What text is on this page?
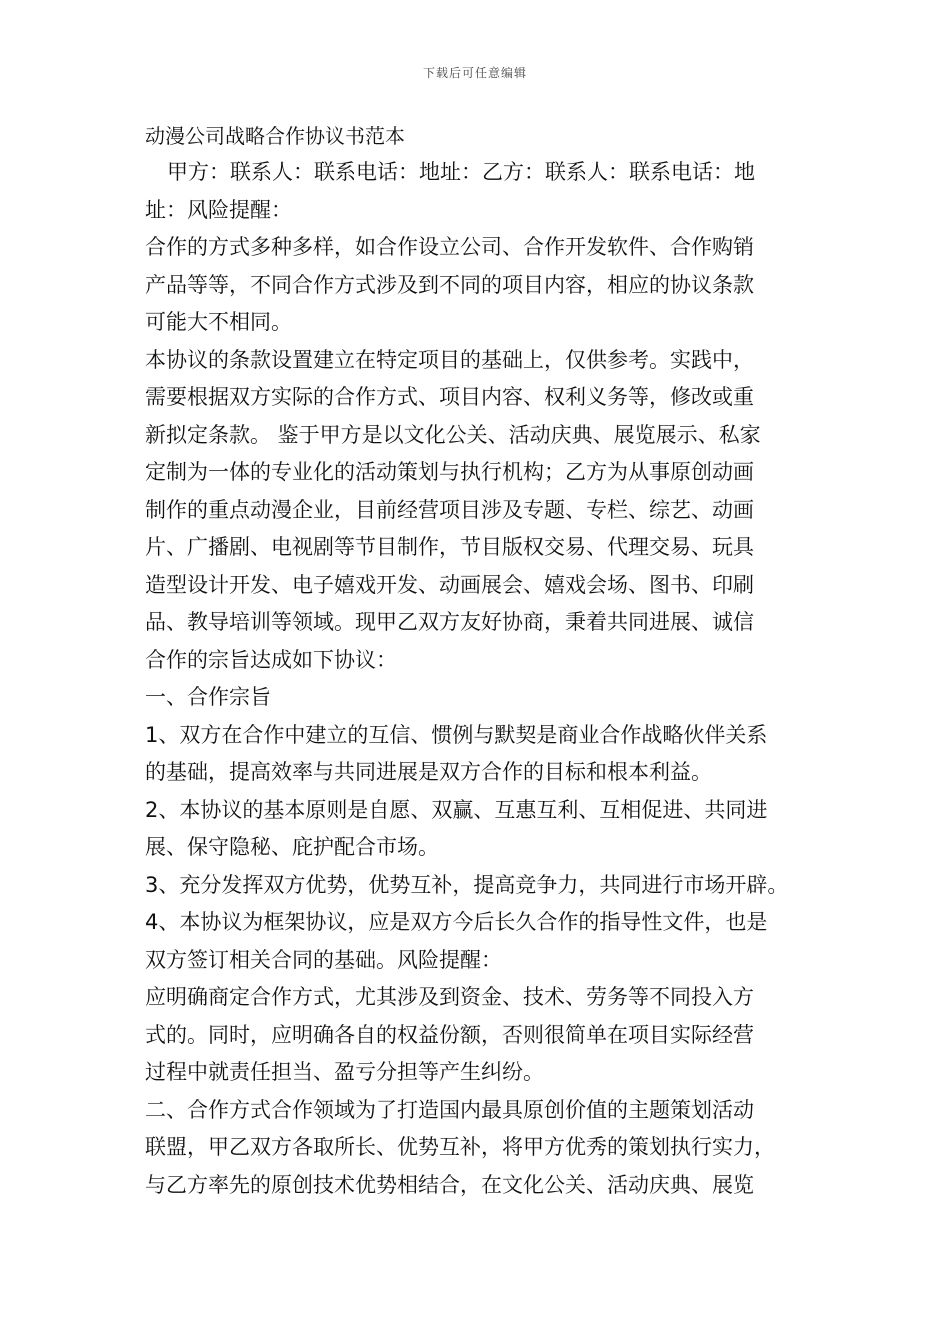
下载后可任意编辑
动漫公司战略合作协议书范本
甲方：联系人：联系电话：地址：乙方：联系人：联系电话：地
址：风险提醒：
合作的方式多种多样，如合作设立公司、合作开发软件、合作购销
产品等等，不同合作方式涉及到不同的项目内容，相应的协议条款
可能大不相同。
本协议的条款设置建立在特定项目的基础上，仅供参考。实践中，
需要根据双方实际的合作方式、项目内容、权利义务等，修改或重
新拟定条款。 鉴于甲方是以文化公关、活动庆典、展览展示、私家
定制为一体的专业化的活动策划与执行机构；乙方为从事原创动画
制作的重点动漫企业，目前经营项目涉及专题、专栏、综艺、动画
片、广播剧、电视剧等节目制作，节目版权交易、代理交易、玩具
造型设计开发、电子嬉戏开发、动画展会、嬉戏会场、图书、印刷
品、教导培训等领域。现甲乙双方友好协商，秉着共同进展、诚信
合作的宗旨达成如下协议：
一、合作宗旨
1、双方在合作中建立的互信、惯例与默契是商业合作战略伙伴关系
的基础，提高效率与共同进展是双方合作的目标和根本利益。
2、本协议的基本原则是自愿、双赢、互惠互利、互相促进、共同进
展、保守隐秘、庇护配合市场。
3、充分发挥双方优势，优势互补，提高竞争力，共同进行市场开辟。
4、本协议为框架协议，应是双方今后长久合作的指导性文件，也是
双方签订相关合同的基础。风险提醒：
应明确商定合作方式，尤其涉及到资金、技术、劳务等不同投入方
式的。同时，应明确各自的权益份额，否则很简单在项目实际经营
过程中就责任担当、盈亏分担等产生纠纷。
二、合作方式合作领域为了打造国内最具原创价值的主题策划活动
联盟，甲乙双方各取所长、优势互补，将甲方优秀的策划执行实力，
与乙方率先的原创技术优势相结合，在文化公关、活动庆典、展览
